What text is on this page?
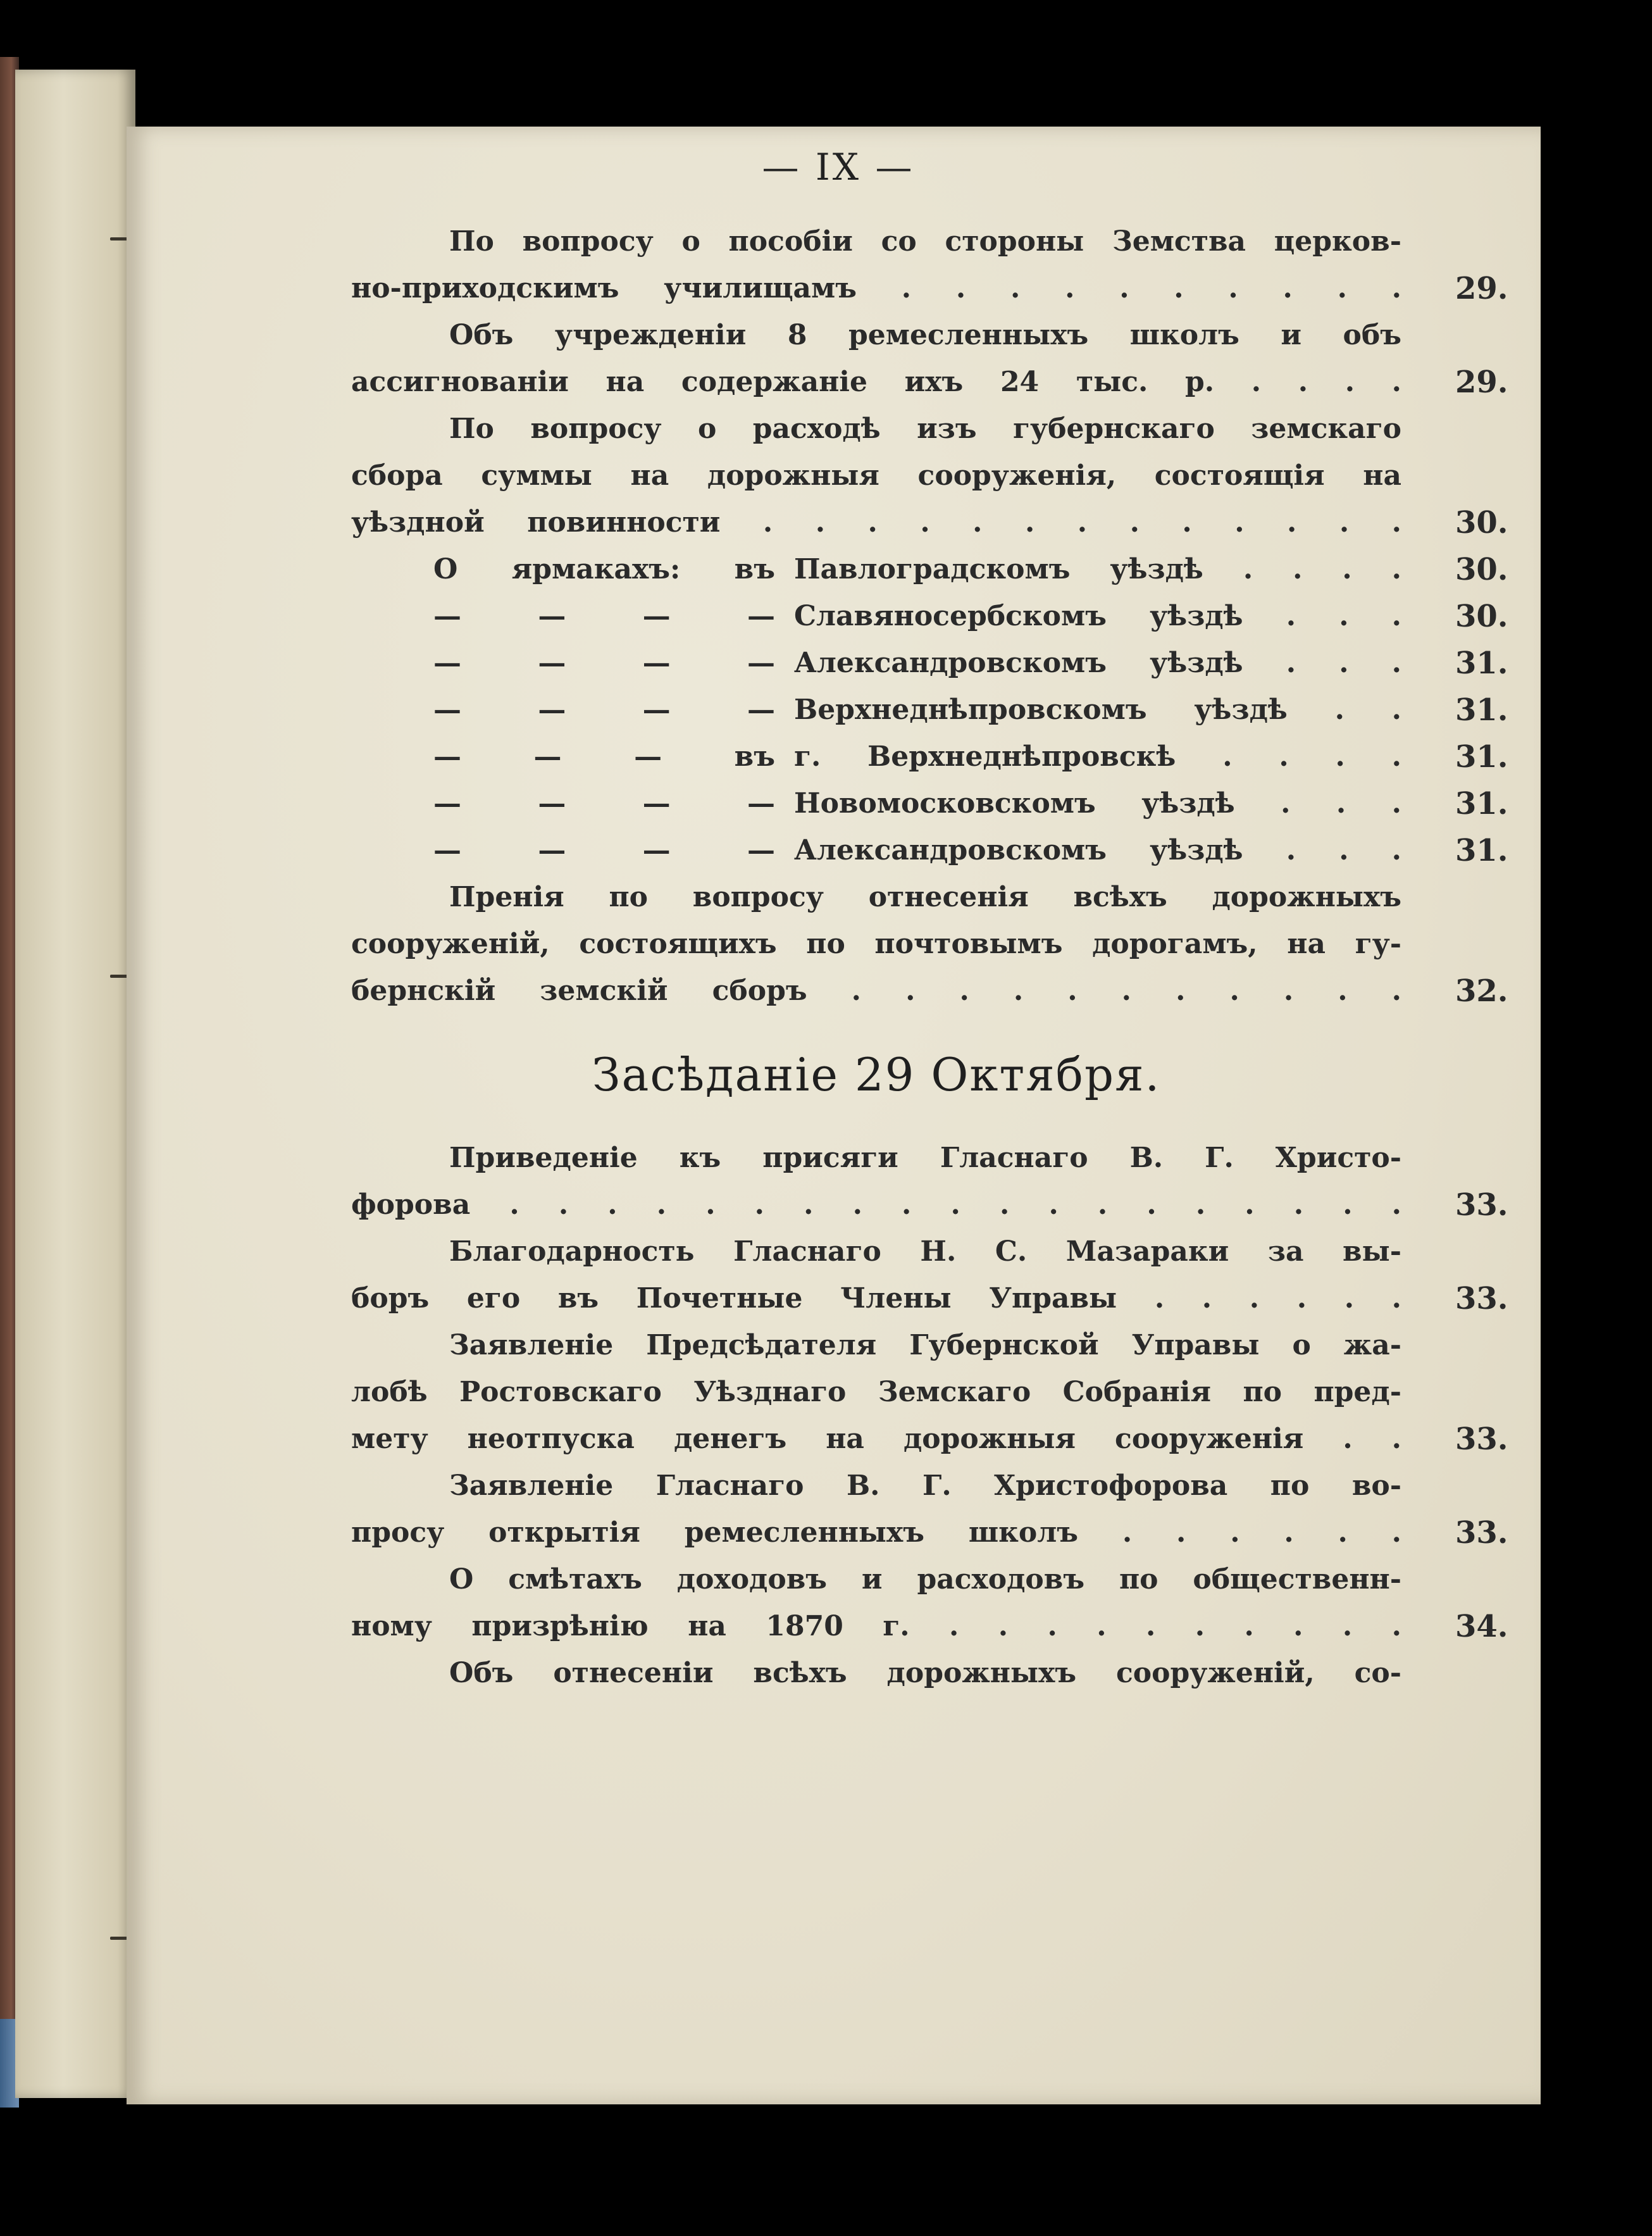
— IX —
По вопросу о пособіи со стороны Земства церков-
но-приходскимъ училищамъ . . . . . . . . . . 29.
Объ учрежденіи 8 ремесленныхъ школъ и объ
ассигнованіи на содержаніе ихъ 24 тыс. р. . . . . 29.
По вопросу о расходѣ изъ губернскаго земскаго
сбора суммы на дорожныя сооруженія, состоящія на
уѣздной повинности . . . . . . . . . . . . . 30.
О ярмакахъ: въ Павлоградскомъ уѣздѣ . . . . 30.
— — — — Славяносербскомъ уѣздѣ . . . 30.
— — — — Александровскомъ уѣздѣ . . . 31.
— — — — Верхнеднѣпровскомъ уѣздѣ . . 31.
— — — въ г. Верхнеднѣпровскѣ . . . . 31.
— — — — Новомосковскомъ уѣздѣ . . . 31.
— — — — Александровскомъ уѣздѣ . . . 31.
Пренія по вопросу отнесенія всѣхъ дорожныхъ
сооруженій, состоящихъ по почтовымъ дорогамъ, на гу-
бернскій земскій сборъ . . . . . . . . . . . 32.
Засѣданіе 29 Октября.
Приведеніе къ присяги Гласнаго В. Г. Христо-
форова . . . . . . . . . . . . . . . . . . . 33.
Благодарность Гласнаго Н. С. Мазараки за вы-
боръ его въ Почетные Члены Управы . . . . . . 33.
Заявленіе Предсѣдателя Губернской Управы о жа-
лобѣ Ростовскаго Уѣзднаго Земскаго Собранія по пред-
мету неотпуска денегъ на дорожныя сооруженія . . 33.
Заявленіе Гласнаго В. Г. Христофорова по во-
просу открытія ремесленныхъ школъ . . . . . . 33.
О смѣтахъ доходовъ и расходовъ по общественн-
ному призрѣнію на 1870 г. . . . . . . . . . . 34.
Объ отнесеніи всѣхъ дорожныхъ сооруженій, со-
